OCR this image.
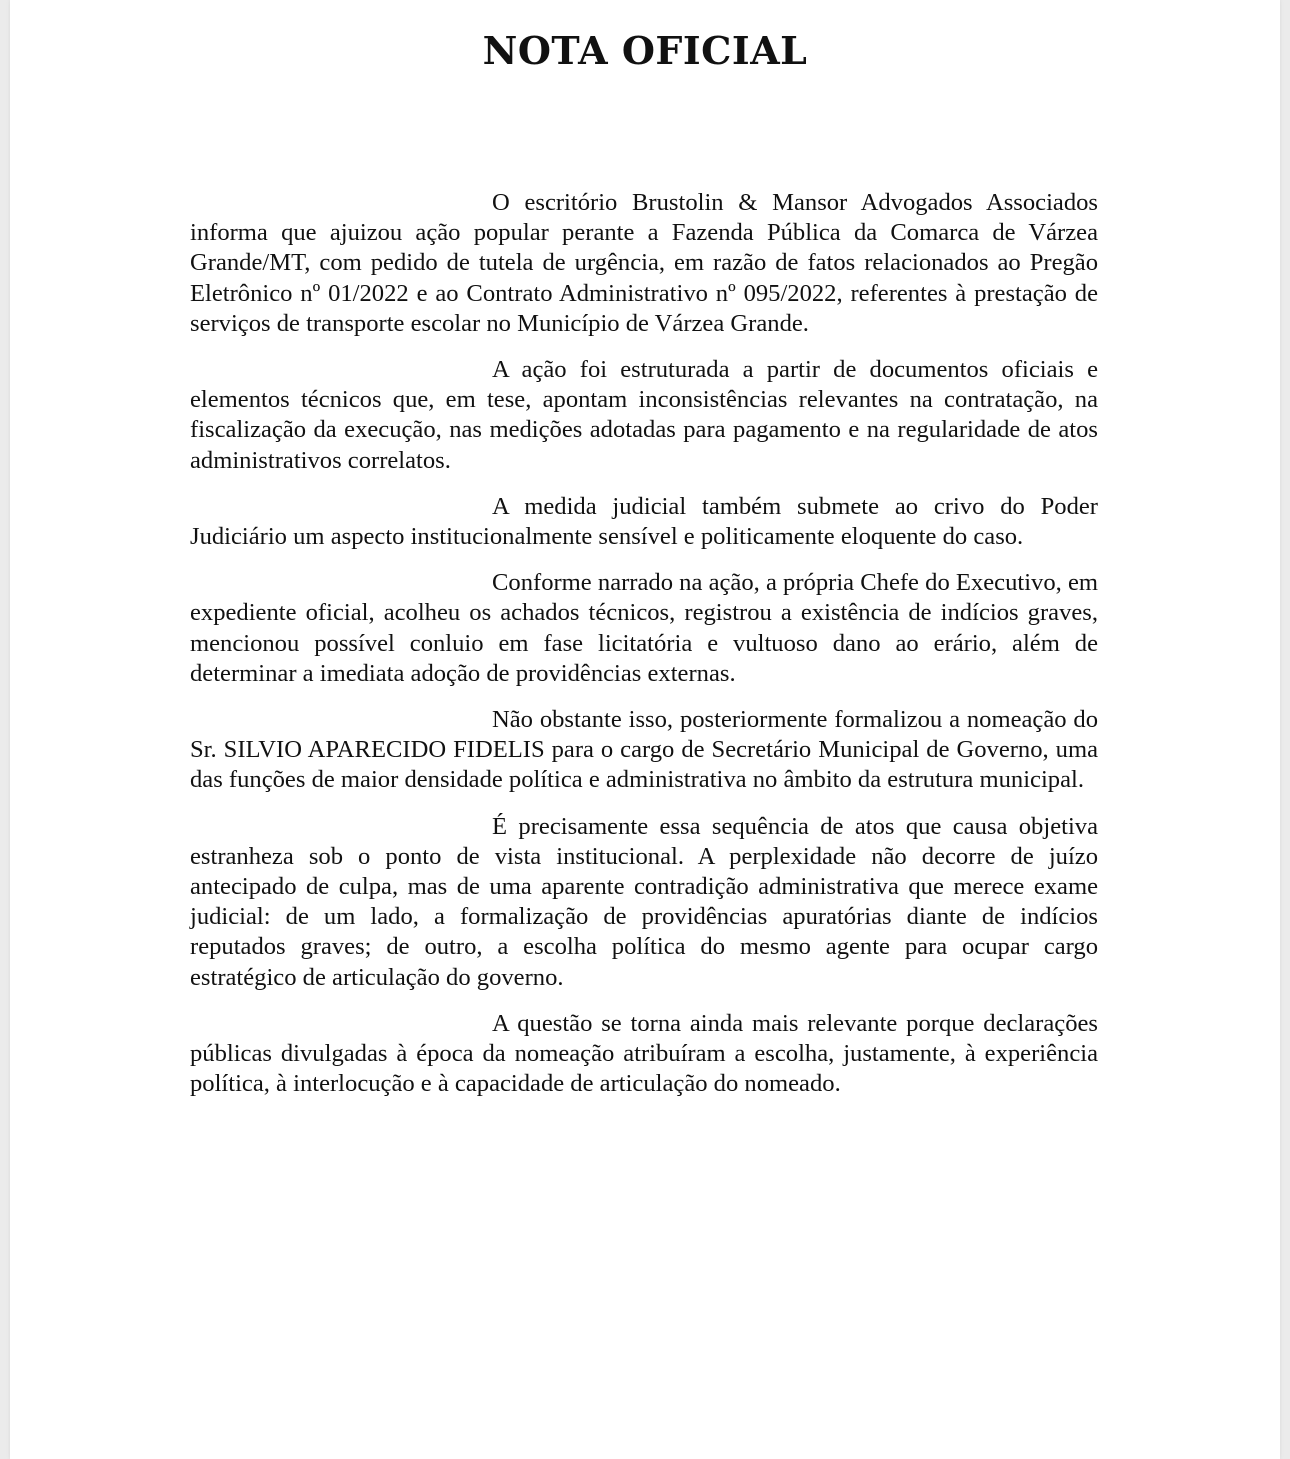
NOTA OFICIAL

O escritório Brustolin & Mansor Advogados Associados informa que ajuizou ação popular perante a Fazenda Pública da Comarca de Várzea Grande/MT, com pedido de tutela de urgência, em razão de fatos relacionados ao Pregão Eletrônico nº 01/2022 e ao Contrato Administrativo nº 095/2022, referentes à prestação de serviços de transporte escolar no Município de Várzea Grande.

A ação foi estruturada a partir de documentos oficiais e elementos técnicos que, em tese, apontam inconsistências relevantes na contratação, na fiscalização da execução, nas medições adotadas para pagamento e na regularidade de atos administrativos correlatos.

A medida judicial também submete ao crivo do Poder Judiciário um aspecto institucionalmente sensível e politicamente eloquente do caso.

Conforme narrado na ação, a própria Chefe do Executivo, em expediente oficial, acolheu os achados técnicos, registrou a existência de indícios graves, mencionou possível conluio em fase licitatória e vultuoso dano ao erário, além de determinar a imediata adoção de providências externas.

Não obstante isso, posteriormente formalizou a nomeação do Sr. SILVIO APARECIDO FIDELIS para o cargo de Secretário Municipal de Governo, uma das funções de maior densidade política e administrativa no âmbito da estrutura municipal.

É precisamente essa sequência de atos que causa objetiva estranheza sob o ponto de vista institucional. A perplexidade não decorre de juízo antecipado de culpa, mas de uma aparente contradição administrativa que merece exame judicial: de um lado, a formalização de providências apuratórias diante de indícios reputados graves; de outro, a escolha política do mesmo agente para ocupar cargo estratégico de articulação do governo.

A questão se torna ainda mais relevante porque declarações públicas divulgadas à época da nomeação atribuíram a escolha, justamente, à experiência política, à interlocução e à capacidade de articulação do nomeado.
